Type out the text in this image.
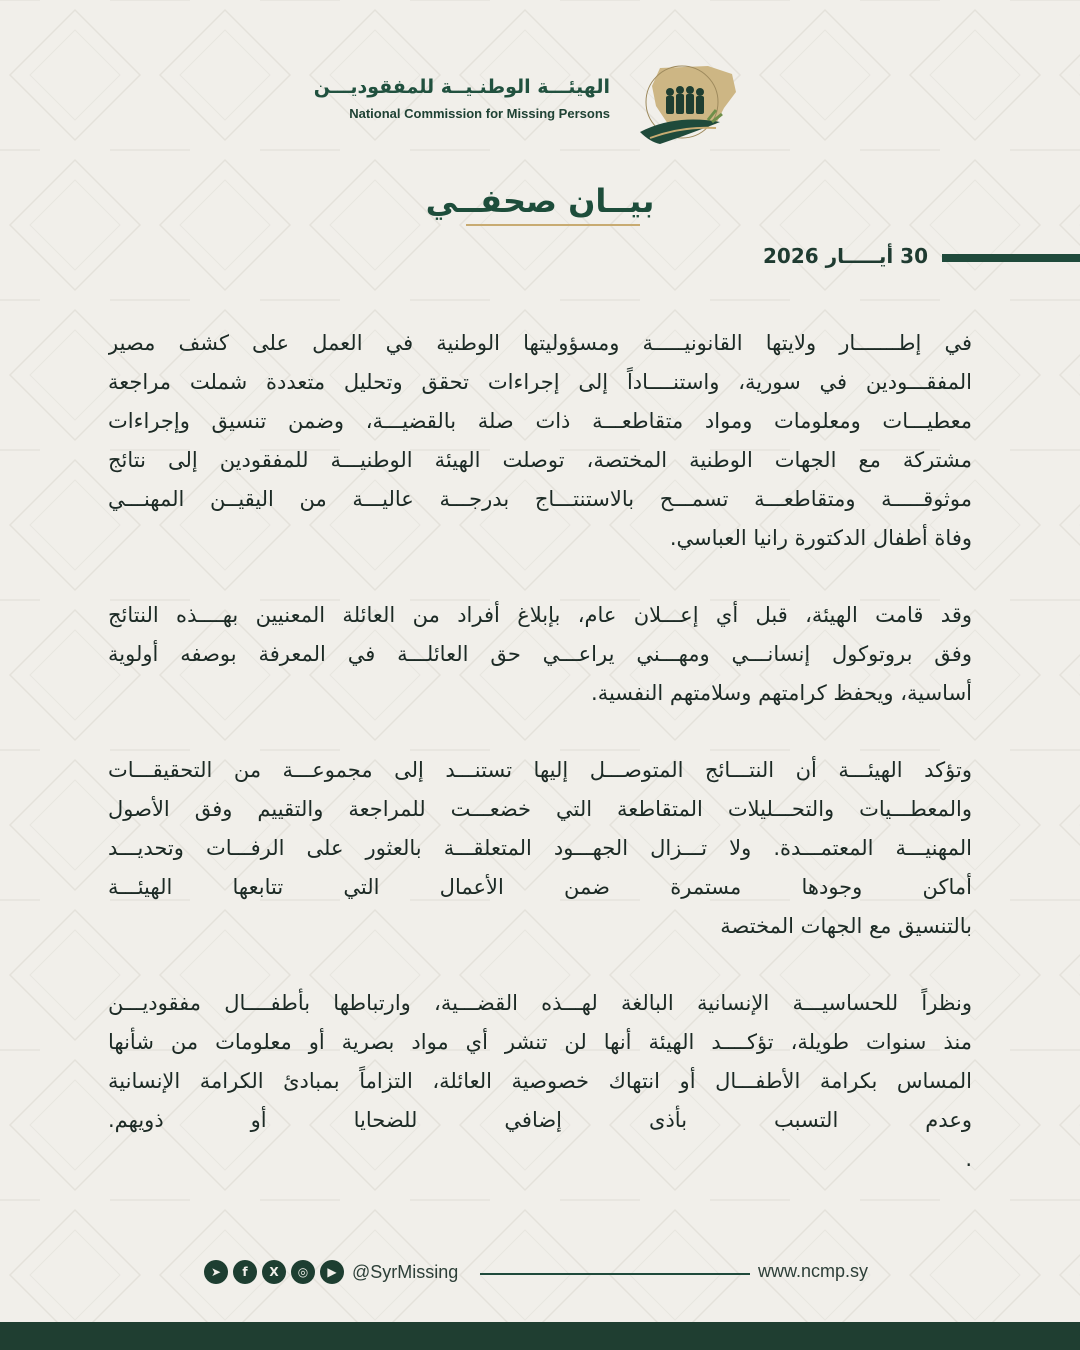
الهيئـــة الوطنـيــة للمفقوديـــن
National Commission for Missing Persons
بيــان صحفــي
30 أيـــــار 2026
في إطـــــــار ولايتها القانونيـــــة ومسؤوليتها الوطنية في العمل على كشف مصير
المفقـــودين في سورية، واستنــــاداً إلى إجراءات تحقق وتحليل متعددة شملت مراجعة
معطيـــات ومعلومات ومواد متقاطعـــة ذات صلة بالقضيـــة، وضمن تنسيق وإجراءات
مشتركة مع الجهات الوطنية المختصة، توصلت الهيئة الوطنيـــة للمفقودين إلى نتائج
موثوقـــــة ومتقاطعـــة تسمـــح بالاستنتـــاج بدرجـــة عاليـــة من اليقيــن المهنـــي
وفاة أطفال الدكتورة رانيا العباسي.
وقد قامت الهيئة، قبل أي إعـــلان عام، بإبلاغ أفراد من العائلة المعنيين بهــــذه النتائج
وفق بروتوكول إنسانـــي ومهـــني يراعـــي حق العائلـــة في المعرفة بوصفه أولوية
أساسية، ويحفظ كرامتهم وسلامتهم النفسية.
وتؤكد الهيئـــة أن النتـــائج المتوصـــل إليها تستنـــد إلى مجموعـــة من التحقيقـــات
والمعطـــيات والتحـــليلات المتقاطعة التي خضعـــت للمراجعة والتقييم وفق الأصول
المهنيـــة المعتمـــدة. ولا تـــزال الجهـــود المتعلقـــة بالعثور على الرفـــات وتحديـــد
أماكن وجودها مستمرة ضمن الأعمال التي تتابعها الهيئـــة
بالتنسيق مع الجهات المختصة
ونظراً للحساسيـــة الإنسانية البالغة لهـــذه القضـــية، وارتباطها بأطفــــال مفقوديـــن
منذ سنوات طويلة، تؤكــــد الهيئة أنها لن تنشر أي مواد بصرية أو معلومات من شأنها
المساس بكرامة الأطفـــال أو انتهاك خصوصية العائلة، التزاماً بمبادئ الكرامة الإنسانية
وعدم التسبب بأذى إضافي للضحايا أو ذويهم.
.
➤	f	X	◎	▶ @SyrMissing	www.ncmp.sy
